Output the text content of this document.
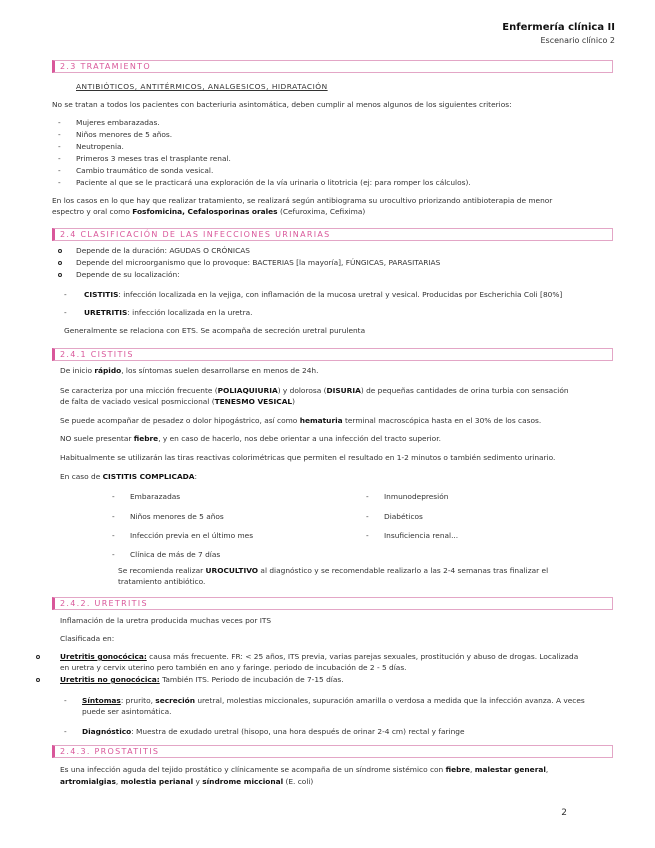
Enfermería clínica II
Escenario clínico 2
2.3 TRATAMIENTO
ANTIBIÓTICOS, ANTITÉRMICOS, ANALGESICOS, HIDRATACIÓN
No se tratan a todos los pacientes con bacteriuria asintomática, deben cumplir al menos algunos de los siguientes criterios:
- Mujeres embarazadas.
- Niños menores de 5 años.
- Neutropenia.
- Primeros 3 meses tras el trasplante renal.
- Cambio traumático de sonda vesical.
- Paciente al que se le practicará una exploración de la vía urinaria o litotricia (ej: para romper los cálculos).
En los casos en lo que hay que realizar tratamiento, se realizará según antibiograma su urocultivo priorizando antibioterapia de menor
espectro y oral como Fosfomicina, Cefalosporinas orales (Cefuroxima, Cefixima)
2.4 CLASIFICACIÓN DE LAS INFECCIONES URINARIAS
Depende de la duración: AGUDAS O CRÓNICAS
Depende del microorganismo que lo provoque: BACTERIAS [la mayoría], FÚNGICAS, PARASITARIAS
Depende de su localización:
- CISTITIS: infección localizada en la vejiga, con inflamación de la mucosa uretral y vesical. Producidas por Escherichia Coli [80%]
- URETRITIS: infección localizada en la uretra.
Generalmente se relaciona con ETS. Se acompaña de secreción uretral purulenta
2.4.1 CISTITIS
De inicio rápido, los síntomas suelen desarrollarse en menos de 24h.
Se caracteriza por una micción frecuente (POLIAQUIURIA) y dolorosa (DISURIA) de pequeñas cantidades de orina turbia con sensación
de falta de vaciado vesical posmiccional (TENESMO VESICAL)
Se puede acompañar de pesadez o dolor hipogástrico, así como hematuria terminal macroscópica hasta en el 30% de los casos.
NO suele presentar fiebre, y en caso de hacerlo, nos debe orientar a una infección del tracto superior.
Habitualmente se utilizarán las tiras reactivas colorimétricas que permiten el resultado en 1-2 minutos o también sedimento urinario.
En caso de CISTITIS COMPLICADA:
- Embarazadas
- Niños menores de 5 años
- Infección previa en el último mes
- Clínica de más de 7 días
- Inmunodepresión
- Diabéticos
- Insuficiencia renal...
Se recomienda realizar UROCULTIVO al diagnóstico y se recomendable realizarlo a las 2-4 semanas tras finalizar el
tratamiento antibiótico.
2.4.2. URETRITIS
Inflamación de la uretra producida muchas veces por ITS
Clasificada en:
Uretritis gonocócica: causa más frecuente. FR: < 25 años, ITS previa, varias parejas sexuales, prostitución y abuso de drogas. Localizada
en uretra y cervix uterino pero también en ano y faringe. periodo de incubación de 2 - 5 días.
Uretritis no gonocócica: También ITS. Periodo de incubación de 7-15 días.
- Síntomas: prurito, secreción uretral, molestias miccionales, supuración amarilla o verdosa a medida que la infección avanza. A veces
puede ser asintomática.
- Diagnóstico: Muestra de exudado uretral (hisopo, una hora después de orinar 2-4 cm) rectal y faringe
2.4.3. PROSTATITIS
Es una infección aguda del tejido prostático y clínicamente se acompaña de un síndrome sistémico con fiebre, malestar general,
artromialgias, molestia perianal y síndrome miccional (E. coli)
2
